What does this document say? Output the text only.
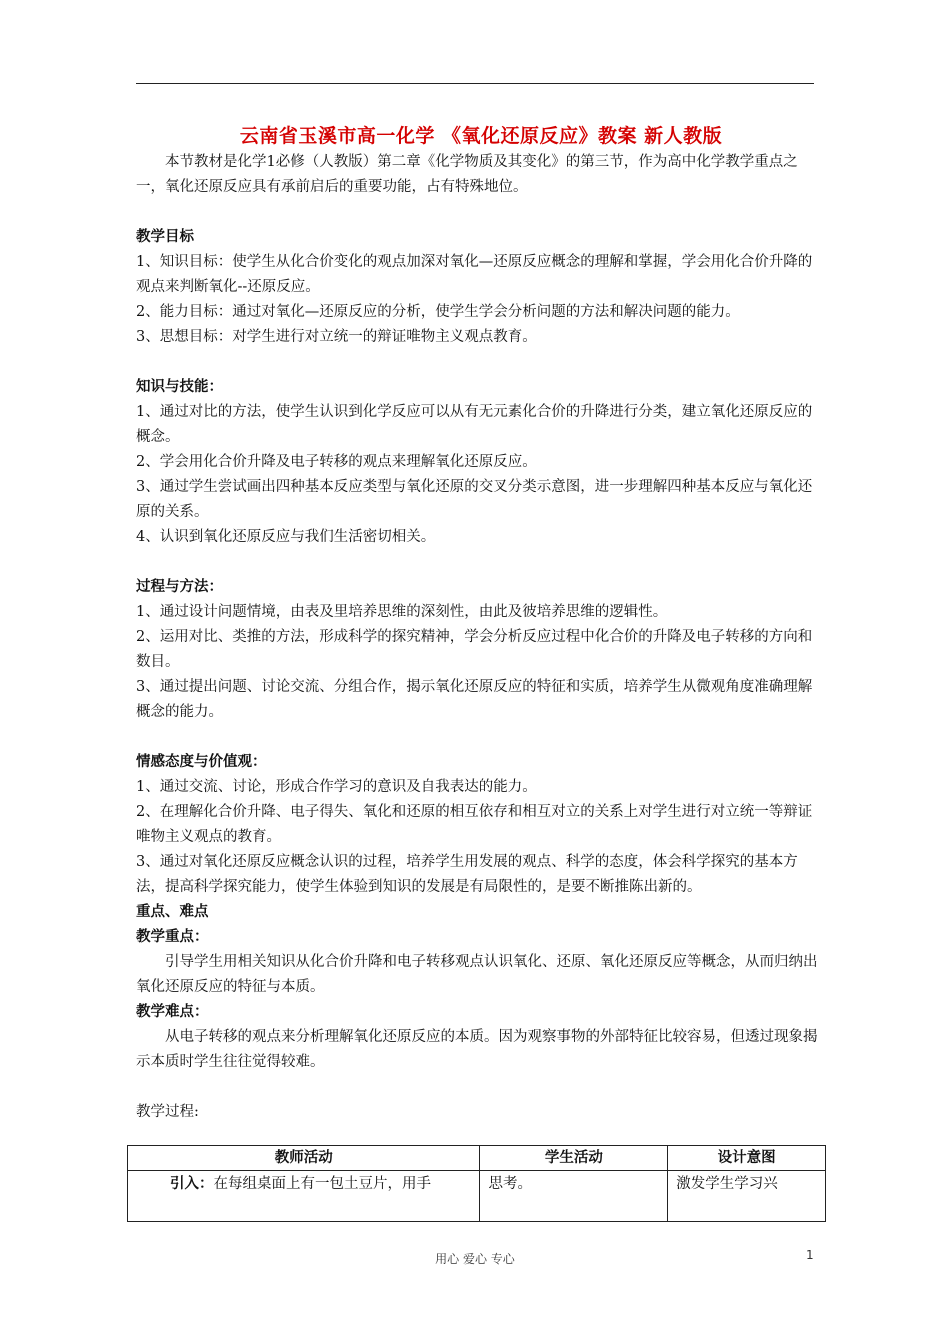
云南省玉溪市高一化学 《氧化还原反应》教案 新人教版

本节教材是化学1必修（人教版）第二章《化学物质及其变化》的第三节，作为高中化学教学重点之一，氧化还原反应具有承前启后的重要功能，占有特殊地位。

教学目标

1、知识目标：使学生从化合价变化的观点加深对氧化—还原反应概念的理解和掌握，学会用化合价升降的观点来判断氧化--还原反应。

2、能力目标：通过对氧化—还原反应的分析，使学生学会分析问题的方法和解决问题的能力。

3、思想目标：对学生进行对立统一的辩证唯物主义观点教育。

知识与技能：

1、通过对比的方法，使学生认识到化学反应可以从有无元素化合价的升降进行分类，建立氧化还原反应的概念。

2、学会用化合价升降及电子转移的观点来理解氧化还原反应。

3、通过学生尝试画出四种基本反应类型与氧化还原的交叉分类示意图，进一步理解四种基本反应与氧化还原的关系。

4、认识到氧化还原反应与我们生活密切相关。

过程与方法：

1、通过设计问题情境，由表及里培养思维的深刻性，由此及彼培养思维的逻辑性。

2、运用对比、类推的方法，形成科学的探究精神，学会分析反应过程中化合价的升降及电子转移的方向和数目。

3、通过提出问题、讨论交流、分组合作，揭示氧化还原反应的特征和实质，培养学生从微观角度准确理解概念的能力。

情感态度与价值观：

1、通过交流、讨论，形成合作学习的意识及自我表达的能力。

2、在理解化合价升降、电子得失、氧化和还原的相互依存和相互对立的关系上对学生进行对立统一等辩证唯物主义观点的教育。

3、通过对氧化还原反应概念认识的过程，培养学生用发展的观点、科学的态度，体会科学探究的基本方法，提高科学探究能力，使学生体验到知识的发展是有局限性的，是要不断推陈出新的。

重点、难点

教学重点：

引导学生用相关知识从化合价升降和电子转移观点认识氧化、还原、氧化还原反应等概念，从而归纳出氧化还原反应的特征与本质。

教学难点：

从电子转移的观点来分析理解氧化还原反应的本质。因为观察事物的外部特征比较容易，但透过现象揭示本质时学生往往觉得较难。

教学过程:

教师活动	学生活动	设计意图
引入：在每组桌面上有一包土豆片，用手	思考。	激发学生学习兴
用心 爱心 专心	1
